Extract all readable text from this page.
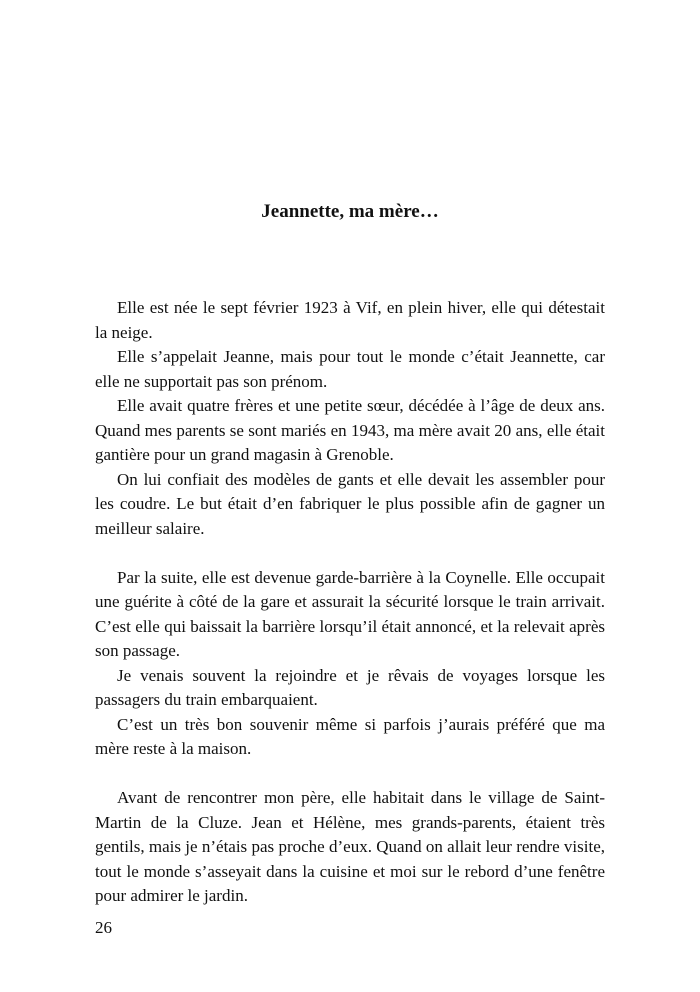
Jeannette, ma mère…

Elle est née le sept février 1923 à Vif, en plein hiver, elle qui détestait la neige.

Elle s’appelait Jeanne, mais pour tout le monde c’était Jeannette, car elle ne supportait pas son prénom.

Elle avait quatre frères et une petite sœur, décédée à l’âge de deux ans. Quand mes parents se sont mariés en 1943, ma mère avait 20 ans, elle était gantière pour un grand magasin à Grenoble.

On lui confiait des modèles de gants et elle devait les assembler pour les coudre. Le but était d’en fabriquer le plus possible afin de gagner un meilleur salaire.

Par la suite, elle est devenue garde-barrière à la Coynelle. Elle occupait une guérite à côté de la gare et assurait la sécurité lorsque le train arrivait. C’est elle qui baissait la barrière lorsqu’il était annoncé, et la relevait après son passage.

Je venais souvent la rejoindre et je rêvais de voyages lorsque les passagers du train embarquaient.

C’est un très bon souvenir même si parfois j’aurais préféré que ma mère reste à la maison.

Avant de rencontrer mon père, elle habitait dans le village de Saint-Martin de la Cluze. Jean et Hélène, mes grands-parents, étaient très gentils, mais je n’étais pas proche d’eux. Quand on allait leur rendre visite, tout le monde s’asseyait dans la cuisine et moi sur le rebord d’une fenêtre pour admirer le jardin.

26
